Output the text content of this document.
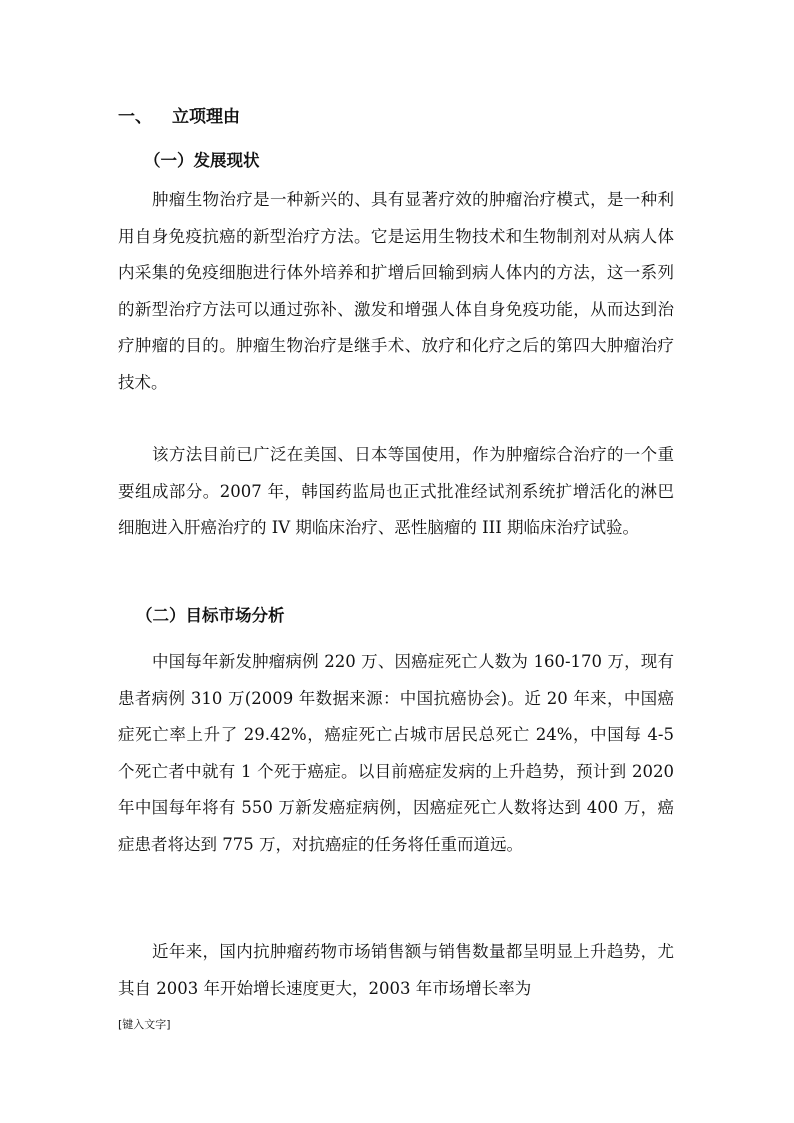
一、 立项理由
（一）发展现状

肿瘤生物治疗是一种新兴的、具有显著疗效的肿瘤治疗模式，是一种利用自身免疫抗癌的新型治疗方法。它是运用生物技术和生物制剂对从病人体内采集的免疫细胞进行体外培养和扩增后回输到病人体内的方法，这一系列的新型治疗方法可以通过弥补、激发和增强人体自身免疫功能，从而达到治疗肿瘤的目的。肿瘤生物治疗是继手术、放疗和化疗之后的第四大肿瘤治疗技术。

该方法目前已广泛在美国、日本等国使用，作为肿瘤综合治疗的一个重要组成部分。2007 年，韩国药监局也正式批准经试剂系统扩增活化的淋巴细胞进入肝癌治疗的 IV 期临床治疗、恶性脑瘤的 III 期临床治疗试验。

（二）目标市场分析

中国每年新发肿瘤病例 220 万、因癌症死亡人数为 160-170 万，现有患者病例 310 万(2009 年数据来源：中国抗癌协会)。近 20 年来，中国癌症死亡率上升了 29.42%，癌症死亡占城市居民总死亡 24%，中国每 4-5 个死亡者中就有 1 个死于癌症。以目前癌症发病的上升趋势，预计到 2020 年中国每年将有 550 万新发癌症病例，因癌症死亡人数将达到 400 万，癌症患者将达到 775 万，对抗癌症的任务将任重而道远。

近年来，国内抗肿瘤药物市场销售额与销售数量都呈明显上升趋势，尤其自 2003 年开始增长速度更大，2003 年市场增长率为

[键入文字]
